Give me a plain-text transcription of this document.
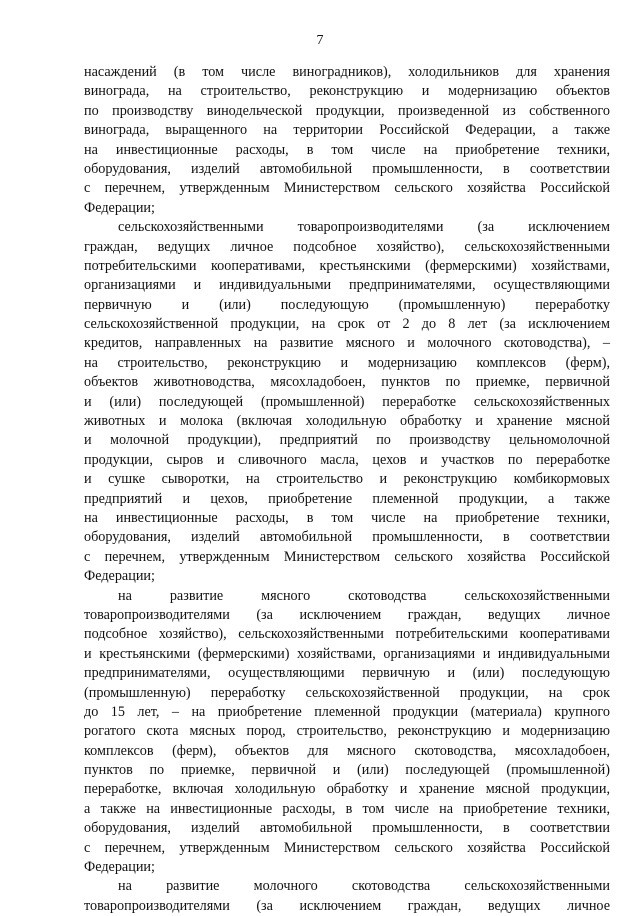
7
насаждений (в том числе виноградников), холодильников для хранения
винограда, на строительство, реконструкцию и модернизацию объектов
по производству винодельческой продукции, произведенной из собственного
винограда, выращенного на территории Российской Федерации, а также
на инвестиционные расходы, в том числе на приобретение техники,
оборудования, изделий автомобильной промышленности, в соответствии
с перечнем, утвержденным Министерством сельского хозяйства Российской
Федерации;
сельскохозяйственными товаропроизводителями (за исключением
граждан, ведущих личное подсобное хозяйство), сельскохозяйственными
потребительскими кооперативами, крестьянскими (фермерскими) хозяйствами,
организациями и индивидуальными предпринимателями, осуществляющими
первичную и (или) последующую (промышленную) переработку
сельскохозяйственной продукции, на срок от 2 до 8 лет (за исключением
кредитов, направленных на развитие мясного и молочного скотоводства), –
на строительство, реконструкцию и модернизацию комплексов (ферм),
объектов животноводства, мясохладобоен, пунктов по приемке, первичной
и (или) последующей (промышленной) переработке сельскохозяйственных
животных и молока (включая холодильную обработку и хранение мясной
и молочной продукции), предприятий по производству цельномолочной
продукции, сыров и сливочного масла, цехов и участков по переработке
и сушке сыворотки, на строительство и реконструкцию комбикормовых
предприятий и цехов, приобретение племенной продукции, а также
на инвестиционные расходы, в том числе на приобретение техники,
оборудования, изделий автомобильной промышленности, в соответствии
с перечнем, утвержденным Министерством сельского хозяйства Российской
Федерации;
на развитие мясного скотоводства сельскохозяйственными
товаропроизводителями (за исключением граждан, ведущих личное
подсобное хозяйство), сельскохозяйственными потребительскими кооперативами
и крестьянскими (фермерскими) хозяйствами, организациями и индивидуальными
предпринимателями, осуществляющими первичную и (или) последующую
(промышленную) переработку сельскохозяйственной продукции, на срок
до 15 лет, – на приобретение племенной продукции (материала) крупного
рогатого скота мясных пород, строительство, реконструкцию и модернизацию
комплексов (ферм), объектов для мясного скотоводства, мясохладобоен,
пунктов по приемке, первичной и (или) последующей (промышленной)
переработке, включая холодильную обработку и хранение мясной продукции,
а также на инвестиционные расходы, в том числе на приобретение техники,
оборудования, изделий автомобильной промышленности, в соответствии
с перечнем, утвержденным Министерством сельского хозяйства Российской
Федерации;
на развитие молочного скотоводства сельскохозяйственными
товаропроизводителями (за исключением граждан, ведущих личное
